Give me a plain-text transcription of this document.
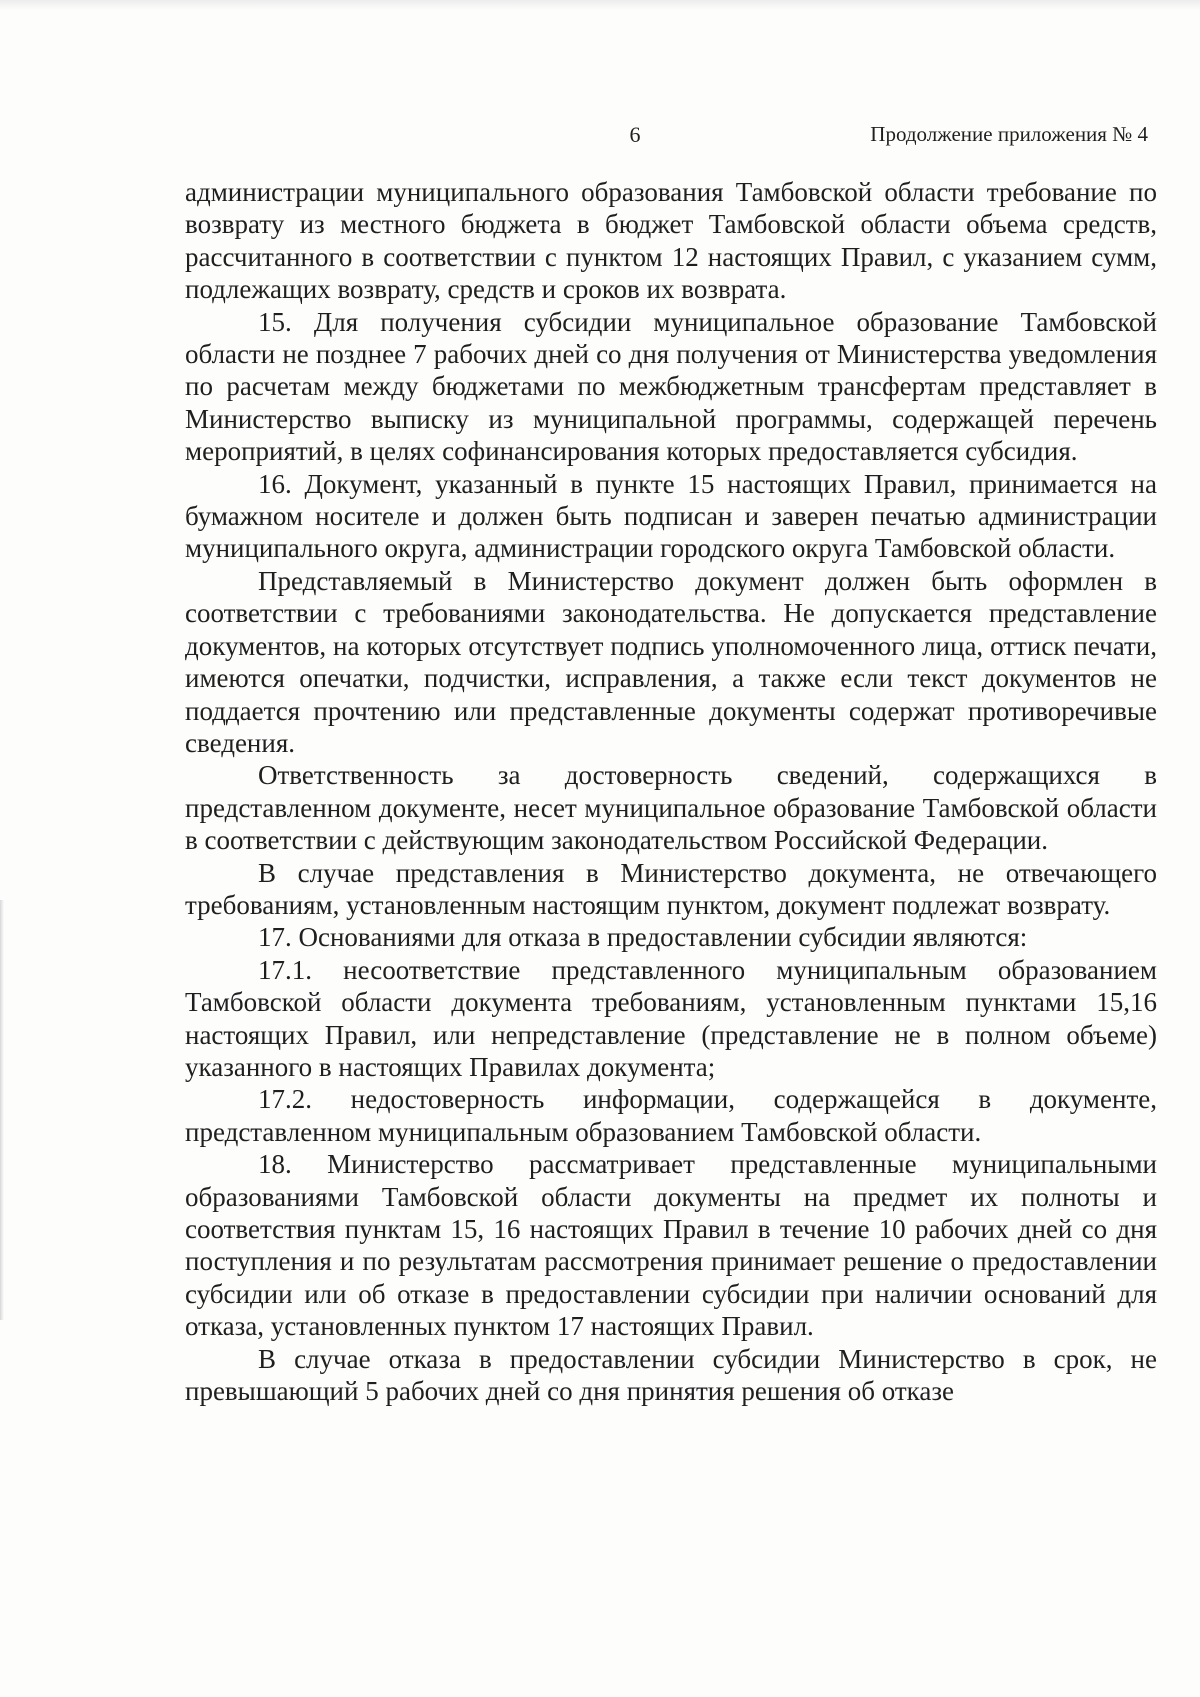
6	Продолжение приложения № 4

администрации муниципального образования Тамбовской области требование по возврату из местного бюджета в бюджет Тамбовской области объема средств, рассчитанного в соответствии с пунктом 12 настоящих Правил, с указанием сумм, подлежащих возврату, средств и сроков их возврата.

15. Для получения субсидии муниципальное образование Тамбовской области не позднее 7 рабочих дней со дня получения от Министерства уведомления по расчетам между бюджетами по межбюджетным трансфертам представляет в Министерство выписку из муниципальной программы, содержащей перечень мероприятий, в целях софинансирования которых предоставляется субсидия.

16. Документ, указанный в пункте 15 настоящих Правил, принимается на бумажном носителе и должен быть подписан и заверен печатью администрации муниципального округа, администрации городского округа Тамбовской области.

Представляемый в Министерство документ должен быть оформлен в соответствии с требованиями законодательства. Не допускается представление документов, на которых отсутствует подпись уполномоченного лица, оттиск печати, имеются опечатки, подчистки, исправления, а также если текст документов не поддается прочтению или представленные документы содержат противоречивые сведения.

Ответственность за достоверность сведений, содержащихся в представленном документе, несет муниципальное образование Тамбовской области в соответствии с действующим законодательством Российской Федерации.

В случае представления в Министерство документа, не отвечающего требованиям, установленным настоящим пунктом, документ подлежат возврату.

17. Основаниями для отказа в предоставлении субсидии являются:

17.1. несоответствие представленного муниципальным образованием Тамбовской области документа требованиям, установленным пунктами 15,16 настоящих Правил, или непредставление (представление не в полном объеме) указанного в настоящих Правилах документа;

17.2. недостоверность информации, содержащейся в документе, представленном муниципальным образованием Тамбовской области.

18. Министерство рассматривает представленные муниципальными образованиями Тамбовской области документы на предмет их полноты и соответствия пунктам 15, 16 настоящих Правил в течение 10 рабочих дней со дня поступления и по результатам рассмотрения принимает решение о предоставлении субсидии или об отказе в предоставлении субсидии при наличии оснований для отказа, установленных пунктом 17 настоящих Правил.

В случае отказа в предоставлении субсидии Министерство в срок, не превышающий 5 рабочих дней со дня принятия решения об отказе
